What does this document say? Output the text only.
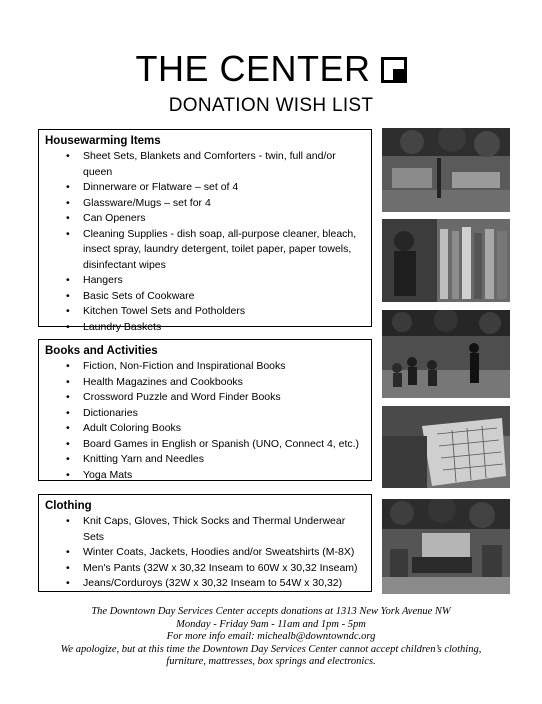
THE CENTER
DONATION WISH LIST
Housewarming Items
• Sheet Sets, Blankets and Comforters - twin, full and/or queen
• Dinnerware or Flatware – set of 4
• Glassware/Mugs – set for 4
• Can Openers
• Cleaning Supplies - dish soap, all-purpose cleaner, bleach,
insect spray, laundry detergent, toilet paper, paper towels,
disinfectant wipes
• Hangers
• Basic Sets of Cookware
• Kitchen Towel Sets and Potholders
• Laundry Baskets
Books and Activities
• Fiction, Non-Fiction and Inspirational Books
• Health Magazines and Cookbooks
• Crossword Puzzle and Word Finder Books
• Dictionaries
• Adult Coloring Books
• Board Games in English or Spanish (UNO, Connect 4, etc.)
• Knitting Yarn and Needles
• Yoga Mats
Clothing
• Knit Caps, Gloves, Thick Socks and Thermal Underwear Sets
• Winter Coats, Jackets, Hoodies and/or Sweatshirts (M-8X)
• Men's Pants (32W x 30,32 Inseam to 60W x 30,32 Inseam)
• Jeans/Corduroys (32W x 30,32 Inseam to 54W x 30,32)
The Downtown Day Services Center accepts donations at 1313 New York Avenue NW
Monday - Friday 9am - 11am and 1pm - 5pm
For more info email: michealb@downtowndc.org
We apologize, but at this time the Downtown Day Services Center cannot accept children’s clothing,
furniture, mattresses, box springs and electronics.
